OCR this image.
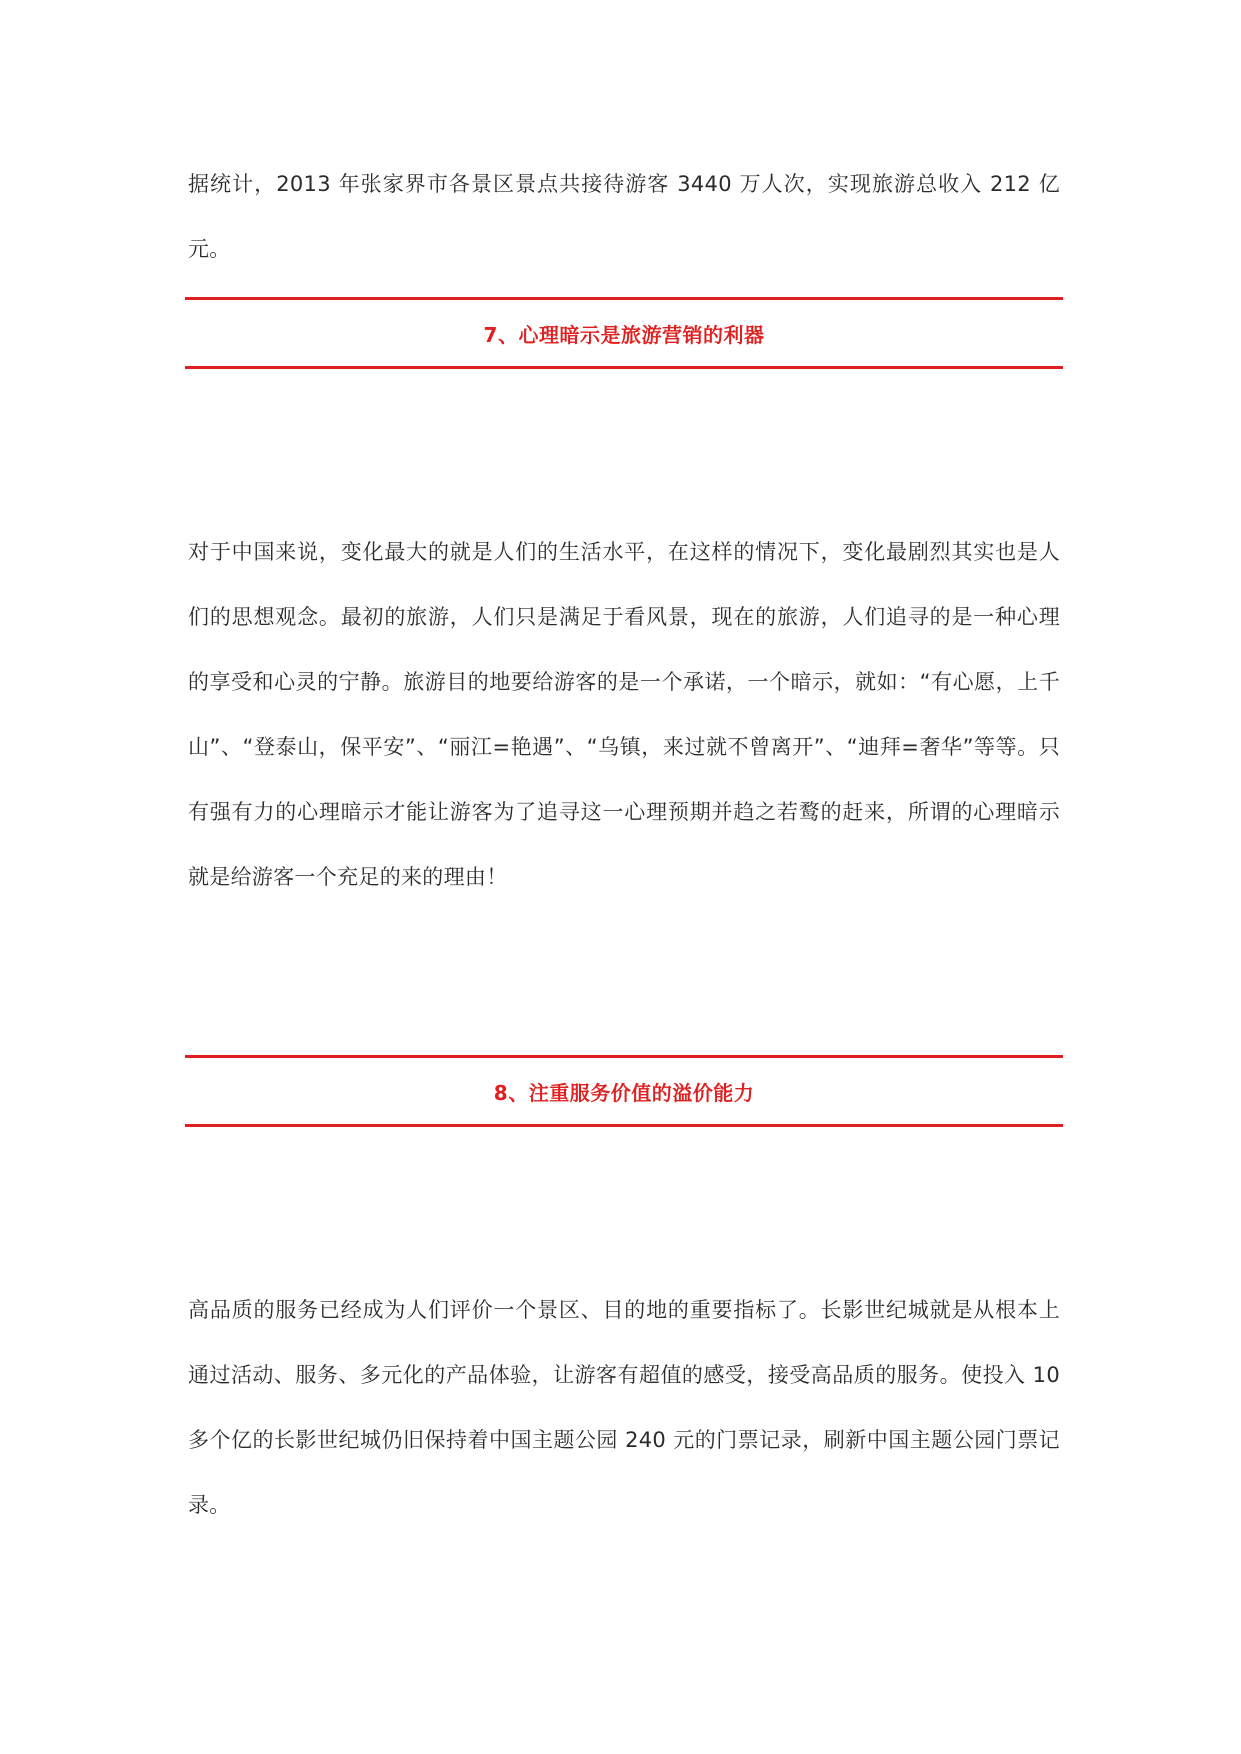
据统计，2013 年张家界市各景区景点共接待游客 3440 万人次，实现旅游总收入 212 亿元。

7、心理暗示是旅游营销的利器

对于中国来说，变化最大的就是人们的生活水平，在这样的情况下，变化最剧烈其实也是人们的思想观念。最初的旅游，人们只是满足于看风景，现在的旅游，人们追寻的是一种心理的享受和心灵的宁静。旅游目的地要给游客的是一个承诺，一个暗示，就如：“有心愿，上千山”、“登泰山，保平安”、“丽江=艳遇”、“乌镇，来过就不曾离开”、“迪拜=奢华”等等。只有强有力的心理暗示才能让游客为了追寻这一心理预期并趋之若鹜的赶来，所谓的心理暗示就是给游客一个充足的来的理由！

8、注重服务价值的溢价能力

高品质的服务已经成为人们评价一个景区、目的地的重要指标了。长影世纪城就是从根本上通过活动、服务、多元化的产品体验，让游客有超值的感受，接受高品质的服务。使投入 10 多个亿的长影世纪城仍旧保持着中国主题公园 240 元的门票记录，刷新中国主题公园门票记录。
